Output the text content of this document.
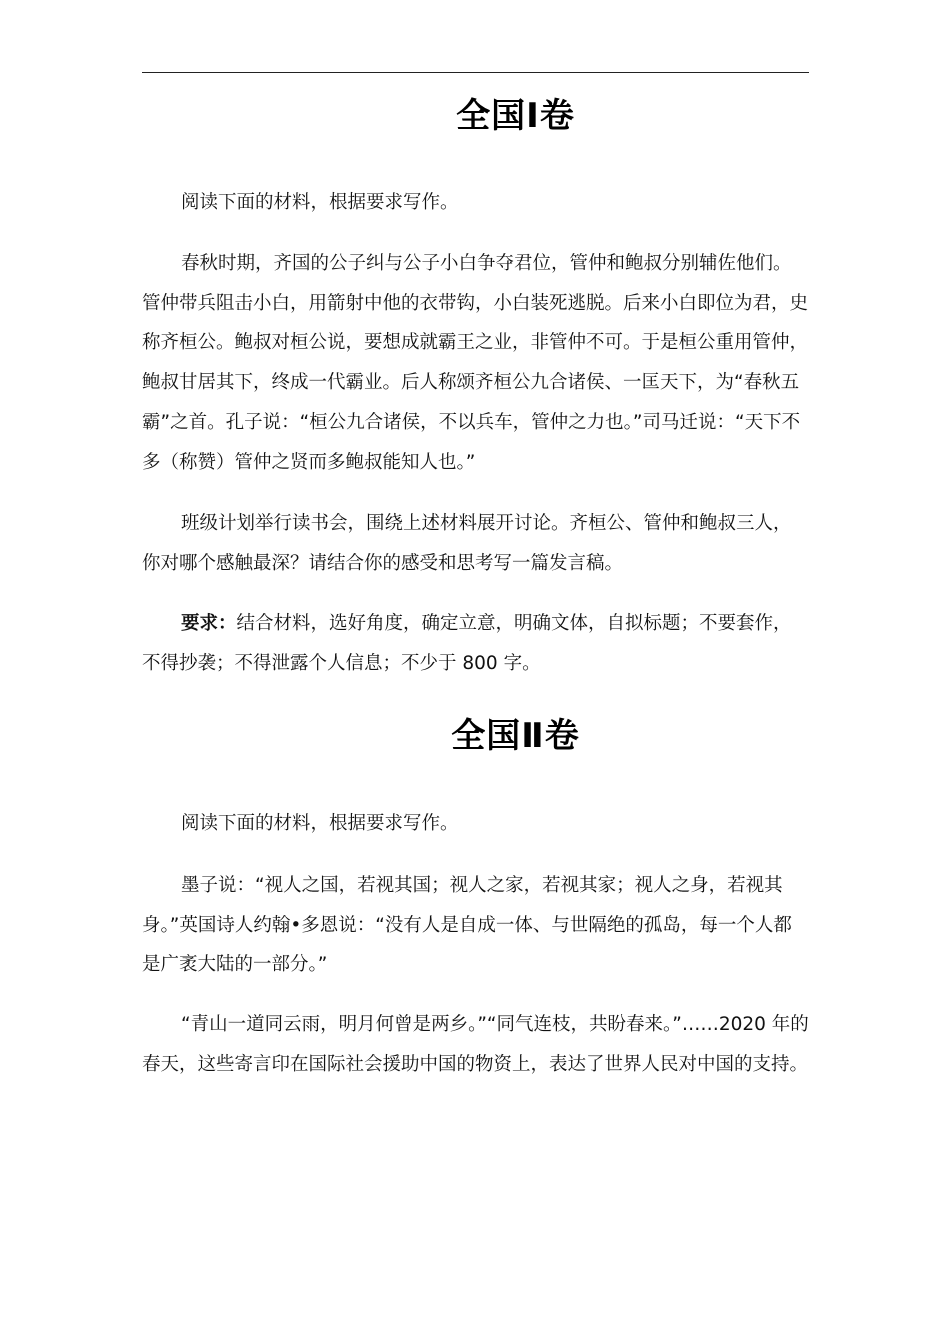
全国Ⅰ卷
阅读下面的材料，根据要求写作。
春秋时期，齐国的公子纠与公子小白争夺君位，管仲和鲍叔分别辅佐他们。管仲带兵阻击小白，用箭射中他的衣带钩，小白装死逃脱。后来小白即位为君，史称齐桓公。鲍叔对桓公说，要想成就霸王之业，非管仲不可。于是桓公重用管仲，鲍叔甘居其下，终成一代霸业。后人称颂齐桓公九合诸侯、一匡天下，为“春秋五霸”之首。孔子说：“桓公九合诸侯，不以兵车，管仲之力也。”司马迁说：“天下不多（称赞）管仲之贤而多鲍叔能知人也。”
班级计划举行读书会，围绕上述材料展开讨论。齐桓公、管仲和鲍叔三人，你对哪个感触最深？请结合你的感受和思考写一篇发言稿。
要求：结合材料，选好角度，确定立意，明确文体，自拟标题；不要套作，不得抄袭；不得泄露个人信息；不少于 800 字。
全国Ⅱ卷
阅读下面的材料，根据要求写作。
墨子说：“视人之国，若视其国；视人之家，若视其家；视人之身，若视其身。”英国诗人约翰•多恩说：“没有人是自成一体、与世隔绝的孤岛，每一个人都是广袤大陆的一部分。”
“青山一道同云雨，明月何曾是两乡。”“同气连枝，共盼春来。”……2020 年的春天，这些寄言印在国际社会援助中国的物资上，表达了世界人民对中国的支持。
